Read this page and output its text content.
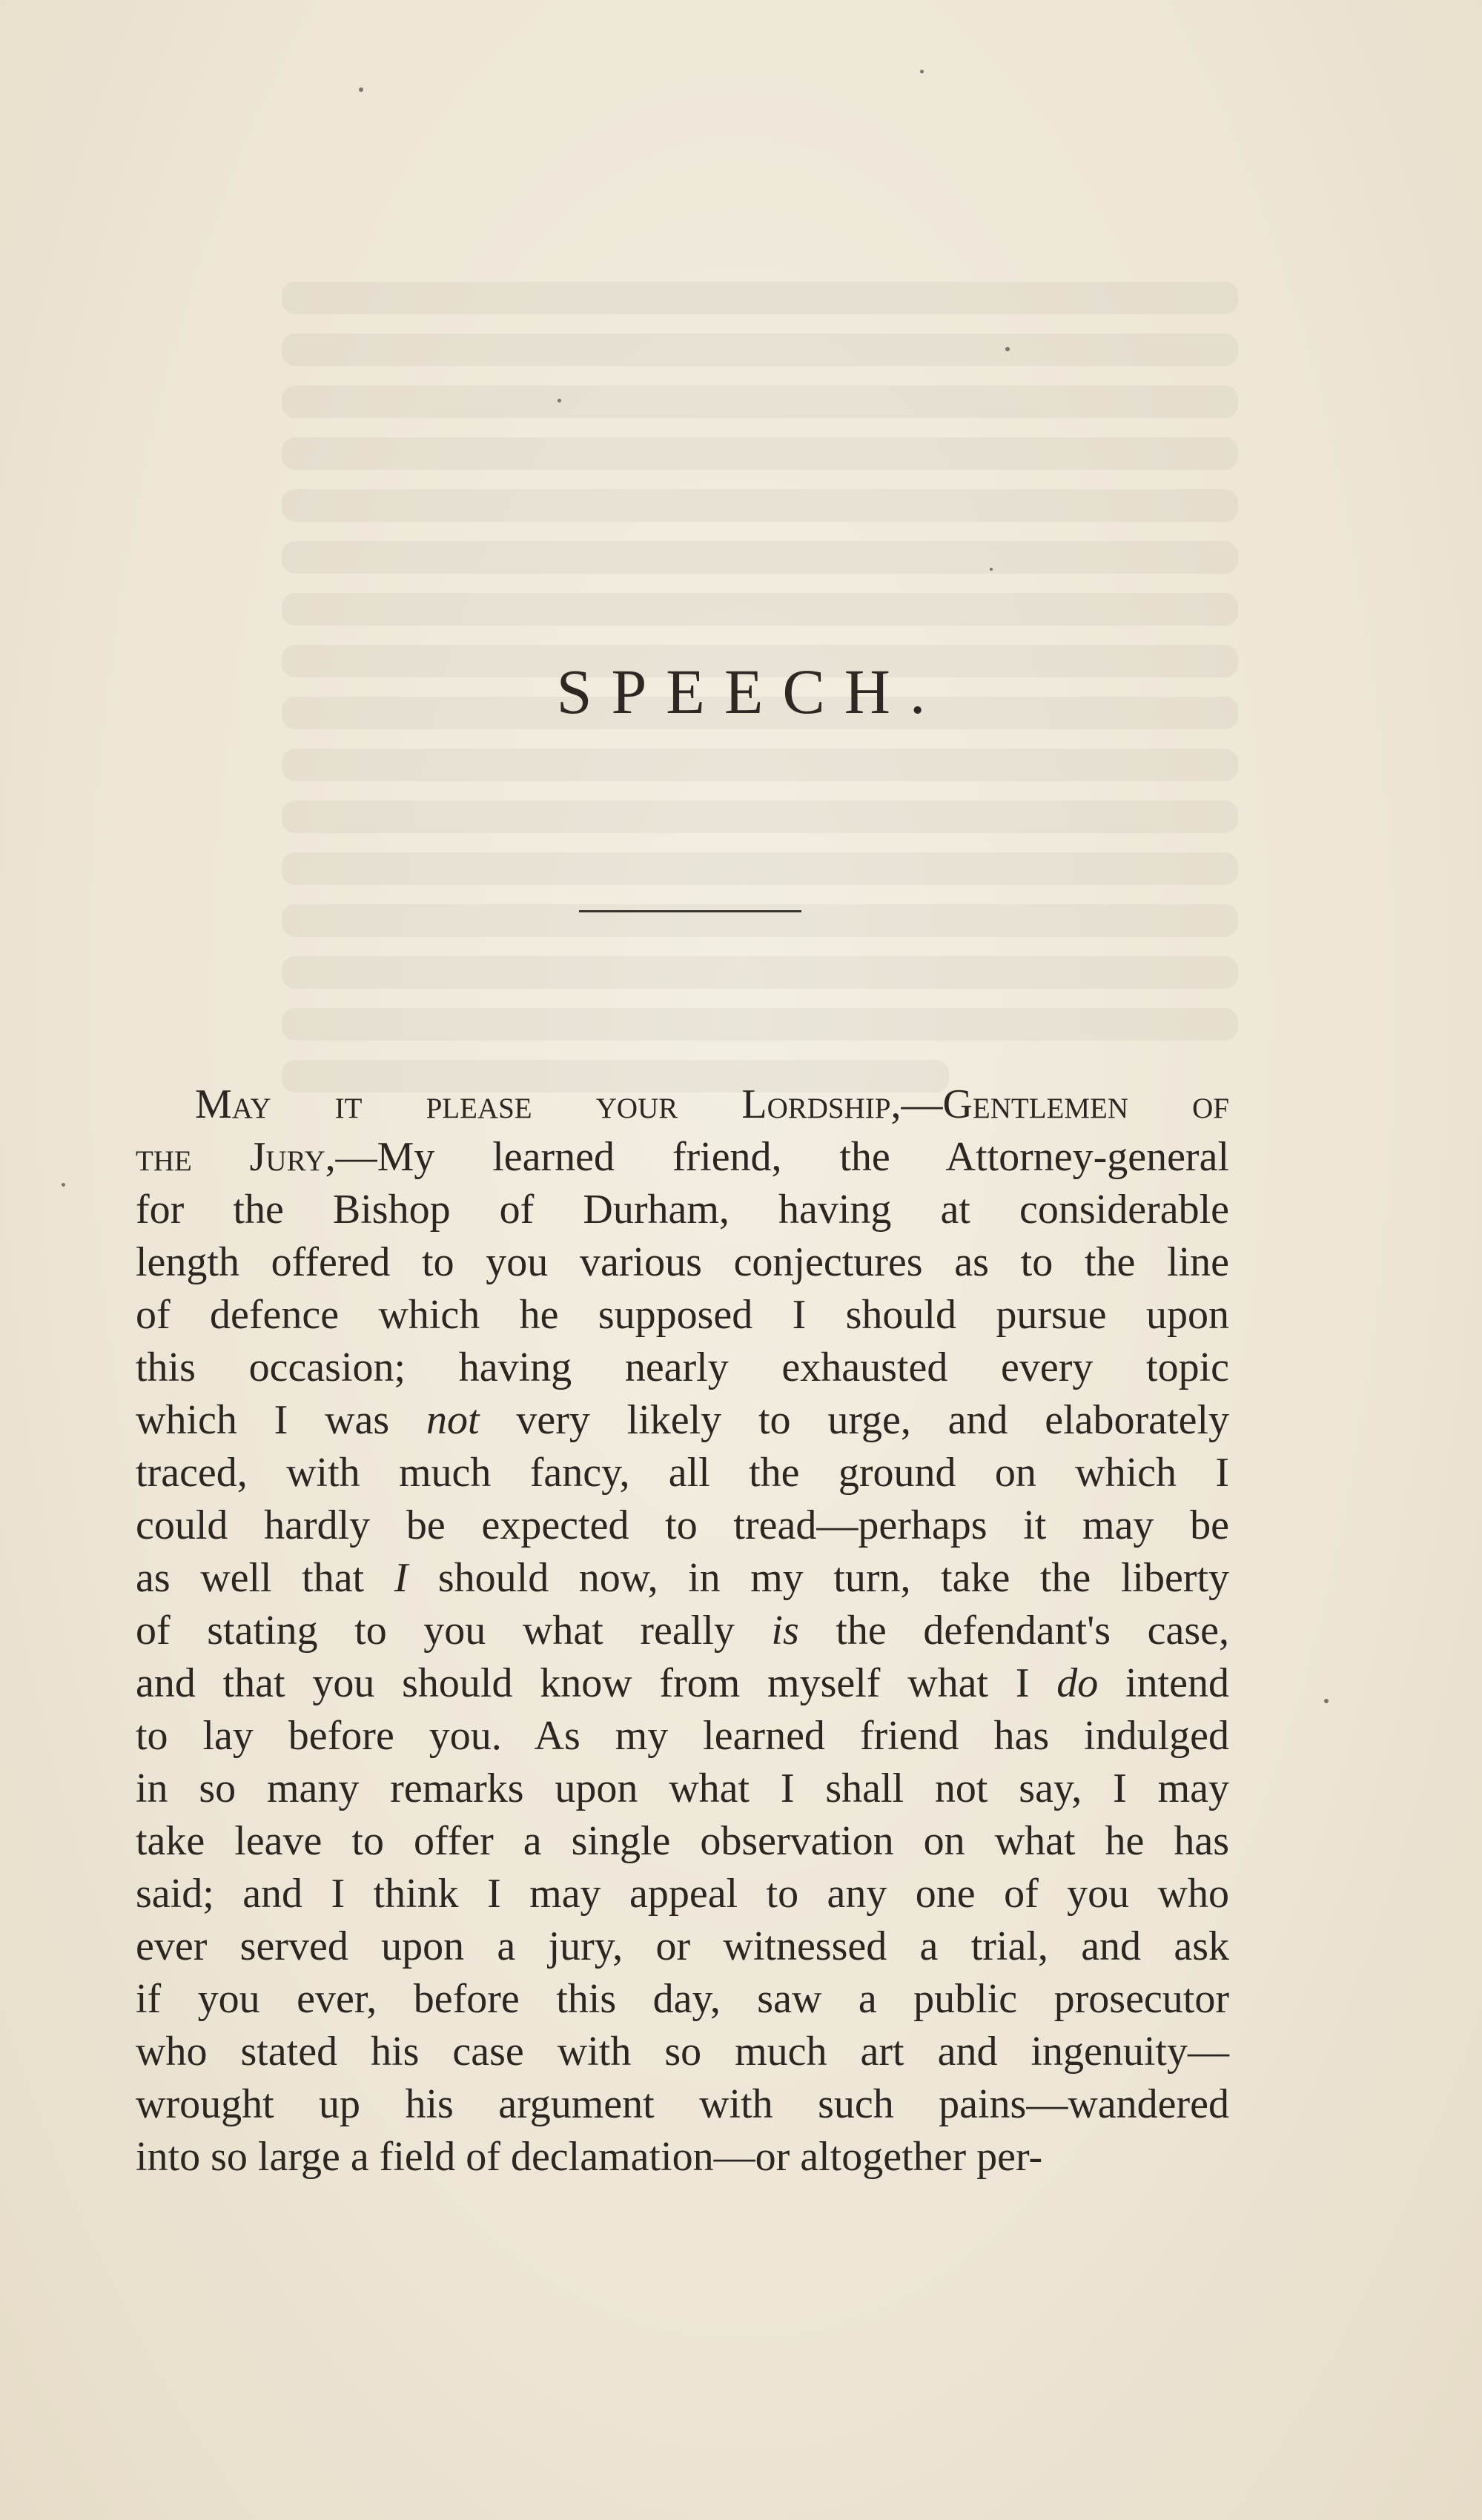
SPEECH.
May it please your Lordship,—Gentlemen of
the Jury,—My learned friend, the Attorney-general
for the Bishop of Durham, having at considerable
length offered to you various conjectures as to the line
of defence which he supposed I should pursue upon
this occasion; having nearly exhausted every topic
which I was not very likely to urge, and elaborately
traced, with much fancy, all the ground on which I
could hardly be expected to tread—perhaps it may be
as well that I should now, in my turn, take the liberty
of stating to you what really is the defendant's case,
and that you should know from myself what I do intend
to lay before you. As my learned friend has indulged
in so many remarks upon what I shall not say, I may
take leave to offer a single observation on what he has
said; and I think I may appeal to any one of you who
ever served upon a jury, or witnessed a trial, and ask
if you ever, before this day, saw a public prosecutor
who stated his case with so much art and ingenuity—
wrought up his argument with such pains—wandered
into so large a field of declamation—or altogether per-
